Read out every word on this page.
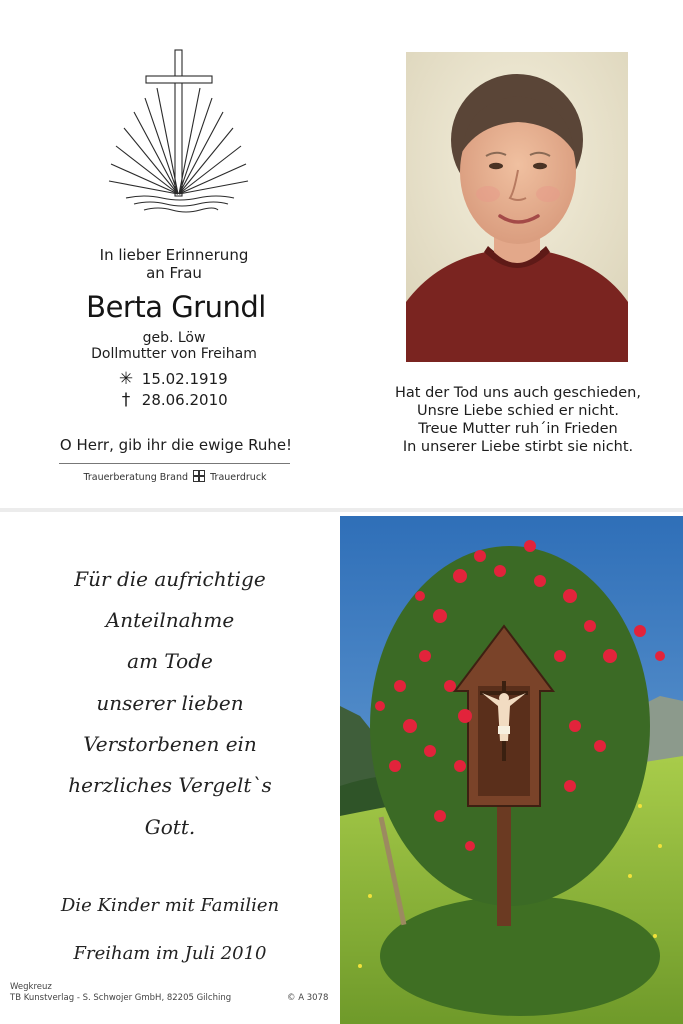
In lieber Erinnerung
an Frau
Berta Grundl
geb. Löw
Dollmutter von Freiham
✳ 15.02.1919
† 28.06.2010
O Herr, gib ihr die ewige Ruhe!
Trauerberatung Brand Trauerdruck
Hat der Tod uns auch geschieden,
Unsre Liebe schied er nicht.
Treue Mutter ruh´in Frieden
In unserer Liebe stirbt sie nicht.
Für die aufrichtige
Anteilnahme
am Tode
unserer lieben
Verstorbenen ein
herzliches Vergelt`s
Gott.
Die Kinder mit Familien
Freiham im Juli 2010
Wegkreuz
TB Kunstverlag - S. Schwojer GmbH, 82205 Gilching	© A 3078
